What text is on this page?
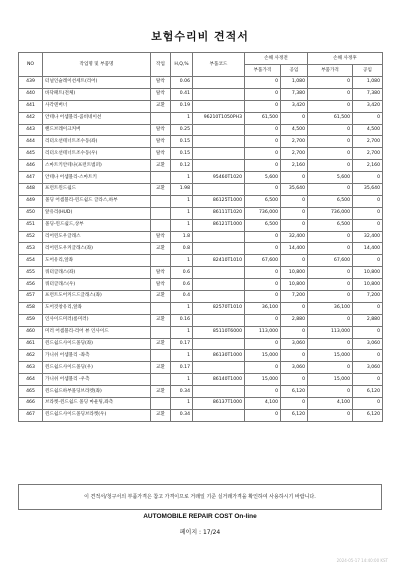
보험수리비 견적서
NO	작업명 및 부품명	작업	H,Q,%	부품코드	손해 사정전		손해 사정후	
					부품가격	공임	부품가격	공임
439	터널인슐레이션세트(리어)	탈착	0.06		0	1,080	0	1,080
440	바닥패트(전체)	탈착	0.41		0	7,380	0	7,380
441	사각덴버너	교환	0.19		0	3,420	0	3,420
442	안테나 어셈블리-콤비네이션		1	96210T1050PH3	61,500	0	61,500	0
443	핸드브레이크커버	탈착	0.25		0	4,500	0	4,500
444	리터오션테너트조수동(좌)	탈착	0.15		0	2,700	0	2,700
445	리터오션테너트조수동(우)	탈착	0.15		0	2,700	0	2,700
446	스마트키안테나(프런트범퍼)	교환	0.12		0	2,160	0	2,160
447	안테나 어셈블리-스마트키		1	95460T1020	5,600	0	5,600	0
448	프런트윈드쉴드	교환	1.98		0	35,640	0	35,640
449	몰딩 어셈블리-윈드쉴드 글라스,하부		1	86125T1000	6,500	0	6,500	0
450	앞유리(HUD)		1	86111T1020	736,000	0	736,000	0
451	몰딩-윈드쉴드,상부		1	86121T1000	6,500	0	6,500	0
452	리어윈도우글래스	탈착	1.8		0	32,400	0	32,400
453	리어윈도우커글래스(좌)	교환	0.8		0	14,400	0	14,400
454	도어유리,앞좌		1	82410T1010	67,600	0	67,600	0
455	쿼터글래스(좌)	탈착	0.6		0	10,800	0	10,800
456	쿼터글래스(우)	탈착	0.6		0	10,800	0	10,800
457	프런트도어커드드글래스(좌)	교환	0.4		0	7,200	0	7,200
458	도어것창유리,앞좌		1	82570T1010	36,100	0	36,100	0
459	인사이드미러(룸미러)	교환	0.16		0	2,880	0	2,880
460	미러 어셈블리-리어 뷰 인사이드		1	85110T6000	113,000	0	113,000	0
461	윈드쉴드사이드몰딩(좌)	교환	0.17		0	3,060	0	3,060
462	가니쉬 어셈블리 -좌측		1	86130T1000	15,000	0	15,000	0
463	윈드쉴드사이드몰딩(우)	교환	0.17		0	3,060	0	3,060
464	가니쉬 어셈블리 -우측		1	86140T1000	15,000	0	15,000	0
465	윈드쉴드하부몰딩브라켓(좌)	교환	0.34		0	6,120	0	6,120
466	브라켓-윈드쉴드 몰딩 마운팅,좌측		1	86137T1000	4,100	0	4,100	0
467	윈드쉴드사이드몰딩브라켓(우)	교환	0.34		0	6,120	0	6,120
이 견적서/청구서의 부품가격은 참고 가격이므로 거래일 기준 실거래가격을 확인하여 사용하시기 바랍니다.
AUTOMOBILE REPAIR COST On-line
페이지 : 17/24
2024-05-17 14:40:00 KST
